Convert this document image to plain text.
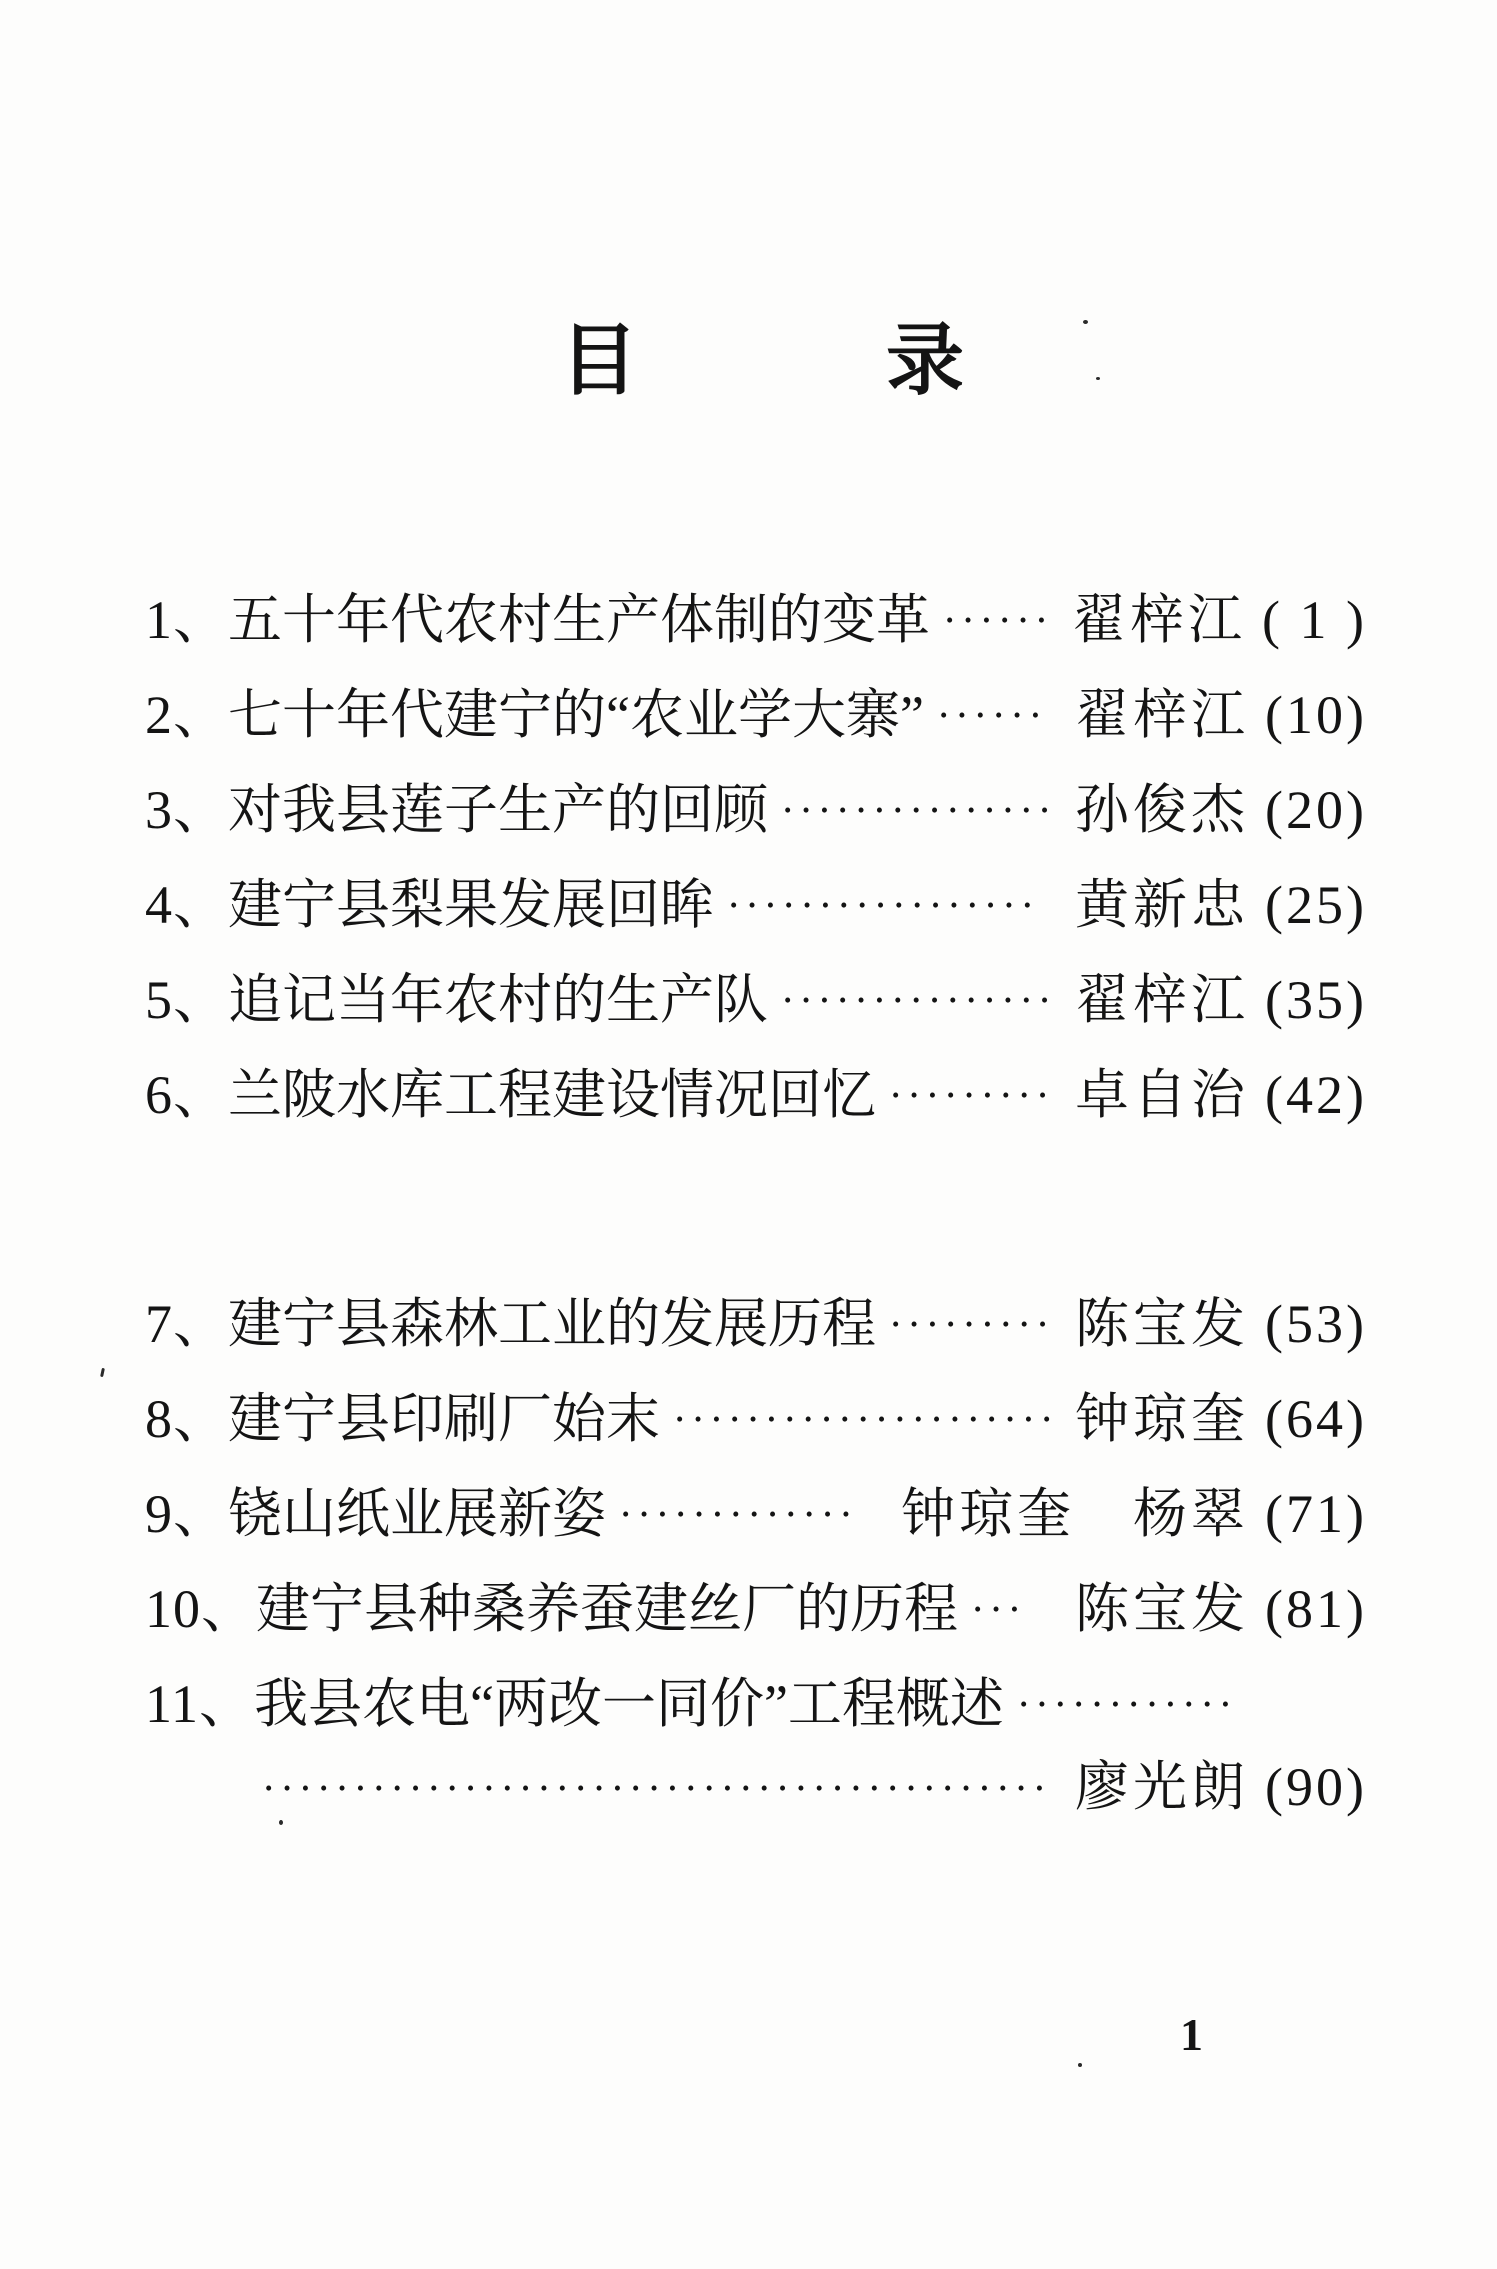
目	录
1、 五十年代农村生产体制的变革 •••••• 翟梓江 ( 1 )
2、 七十年代建宁的“农业学大寨” •••••• 翟梓江 (10)
3、 对我县莲子生产的回顾 ••••••••••••••• 孙俊杰 (20)
4、 建宁县梨果发展回眸 ••••••••••••••••• 黄新忠 (25)
5、 追记当年农村的生产队 ••••••••••••••• 翟梓江 (35)
6、 兰陂水库工程建设情况回忆 ••••••••• 卓自治 (42)
7、 建宁县森林工业的发展历程 ••••••••• 陈宝发 (53)
8、 建宁县印刷厂始末 ••••••••••••••••••••• 钟琼奎 (64)
9、 铙山纸业展新姿 ••••••••••••• 钟琼奎　杨翠 (71)
10、 建宁县种桑养蚕建丝厂的历程 ••• 陈宝发 (81)
11、 我县农电“两改一同价”工程概述 ••••••••••••
••••••••••••••••••••••••••••••••••••••••••• 廖光朗 (90)
1
